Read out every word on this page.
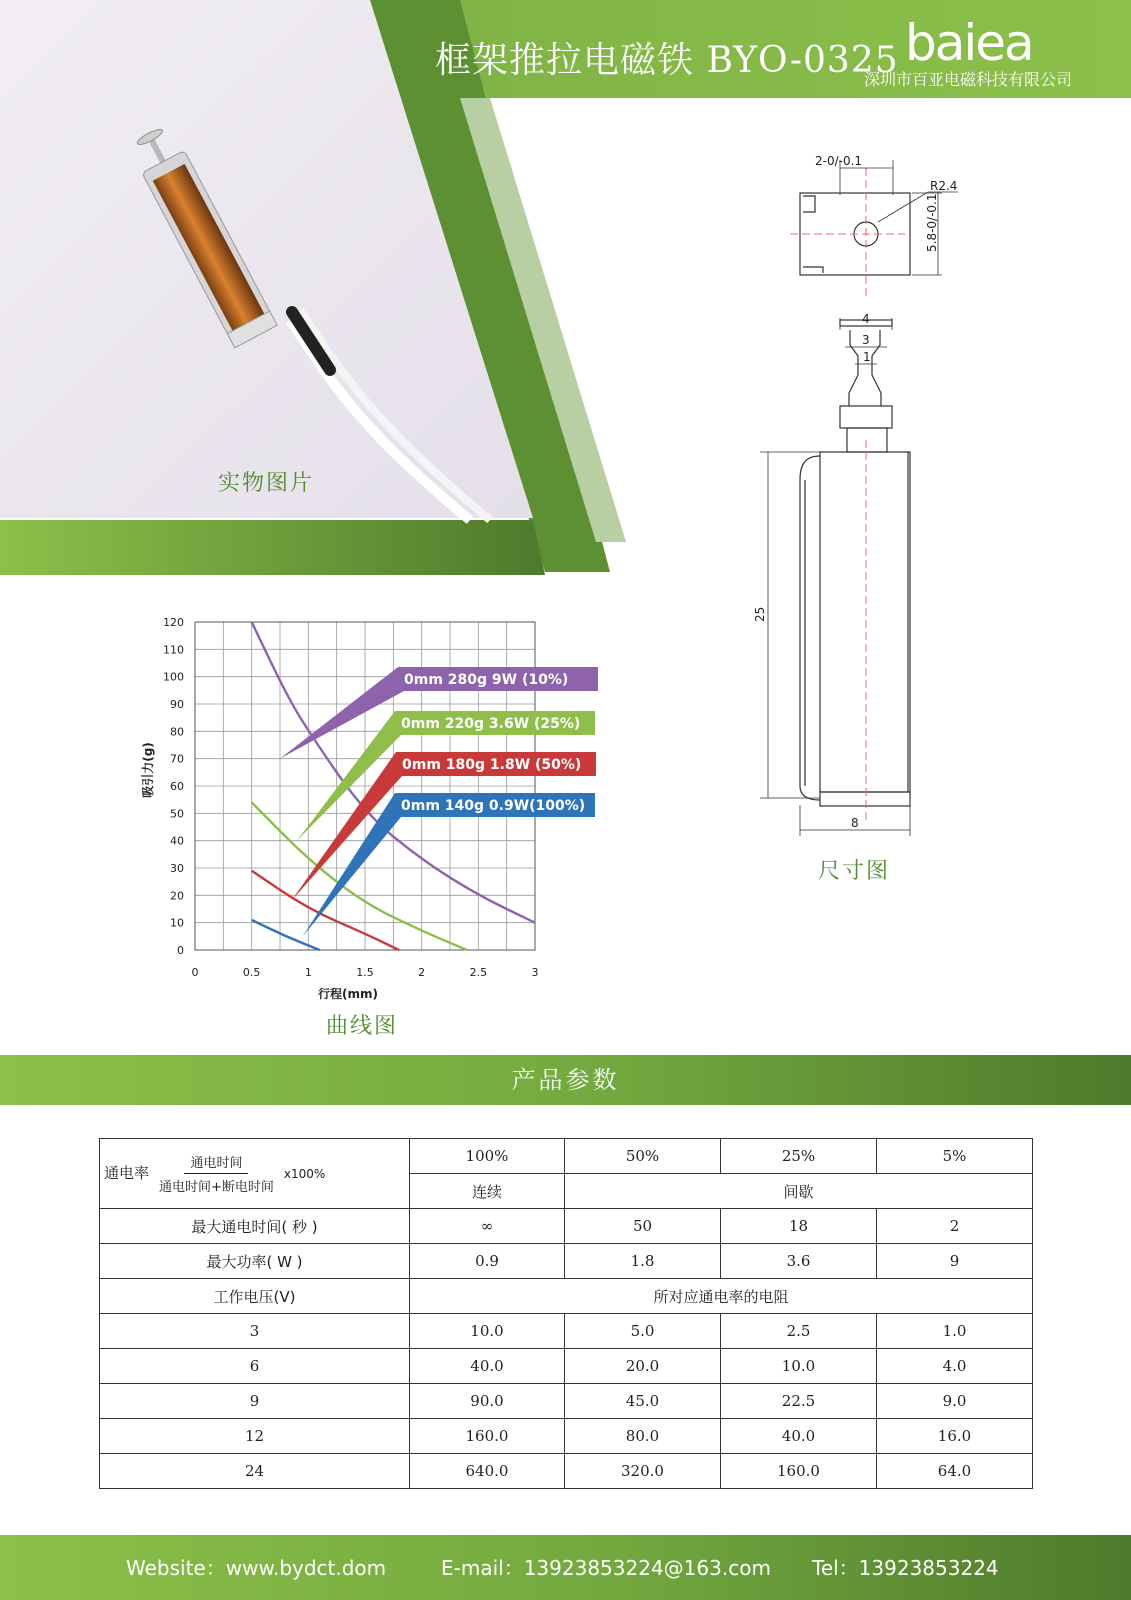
框架推拉电磁铁 BYO-0325 baiea
深圳市百亚电磁科技有限公司
实物图片
2-0/-0.1
R2.4
5.8-0/-0.1
4
3
1
25
8
尺寸图
0mm 280g 9W (10%)
0mm 220g 3.6W (25%)
0mm 180g 1.8W (50%)
0mm 140g 0.9W(100%)
0	0.5	1	1.5	2	2.5	3
0
10
20
30
40
50
60
70
80
90
100
110
120
行程(mm)
吸引力(g)
曲线图
产品参数
通电率 $\frac{\text{通电时间}}{\text{通电时间+断电时间}} x100\%$	100%	50%	25%	5%
	连续	间歇		
最大通电时间( 秒 )	∞	50	18	2
最大功率( W )	0.9	1.8	3.6	9
工作电压(V)	所对应通电率的电阻			
3	10.0	5.0	2.5	1.0
6	40.0	20.0	10.0	4.0
9	90.0	45.0	22.5	9.0
12	160.0	80.0	40.0	16.0
24	640.0	320.0	160.0	64.0
Website：www.bydct.dom	E-mail：13923853224@163.com Tel：13923853224
